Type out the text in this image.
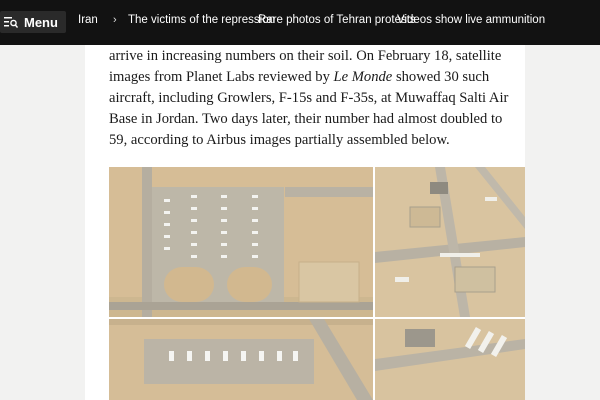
Menu Iran › The victims of the repression
Rare photos of Tehran protests
Videos show live ammunition

arrive in increasing numbers on their soil. On February 18, satellite

images from Planet Labs reviewed by Le Monde showed 30 such

aircraft, including Growlers, F-15s and F-35s, at Muwaffaq Salti Air

Base in Jordan. Two days later, their number had almost doubled to

59, according to Airbus images partially assembled below.
